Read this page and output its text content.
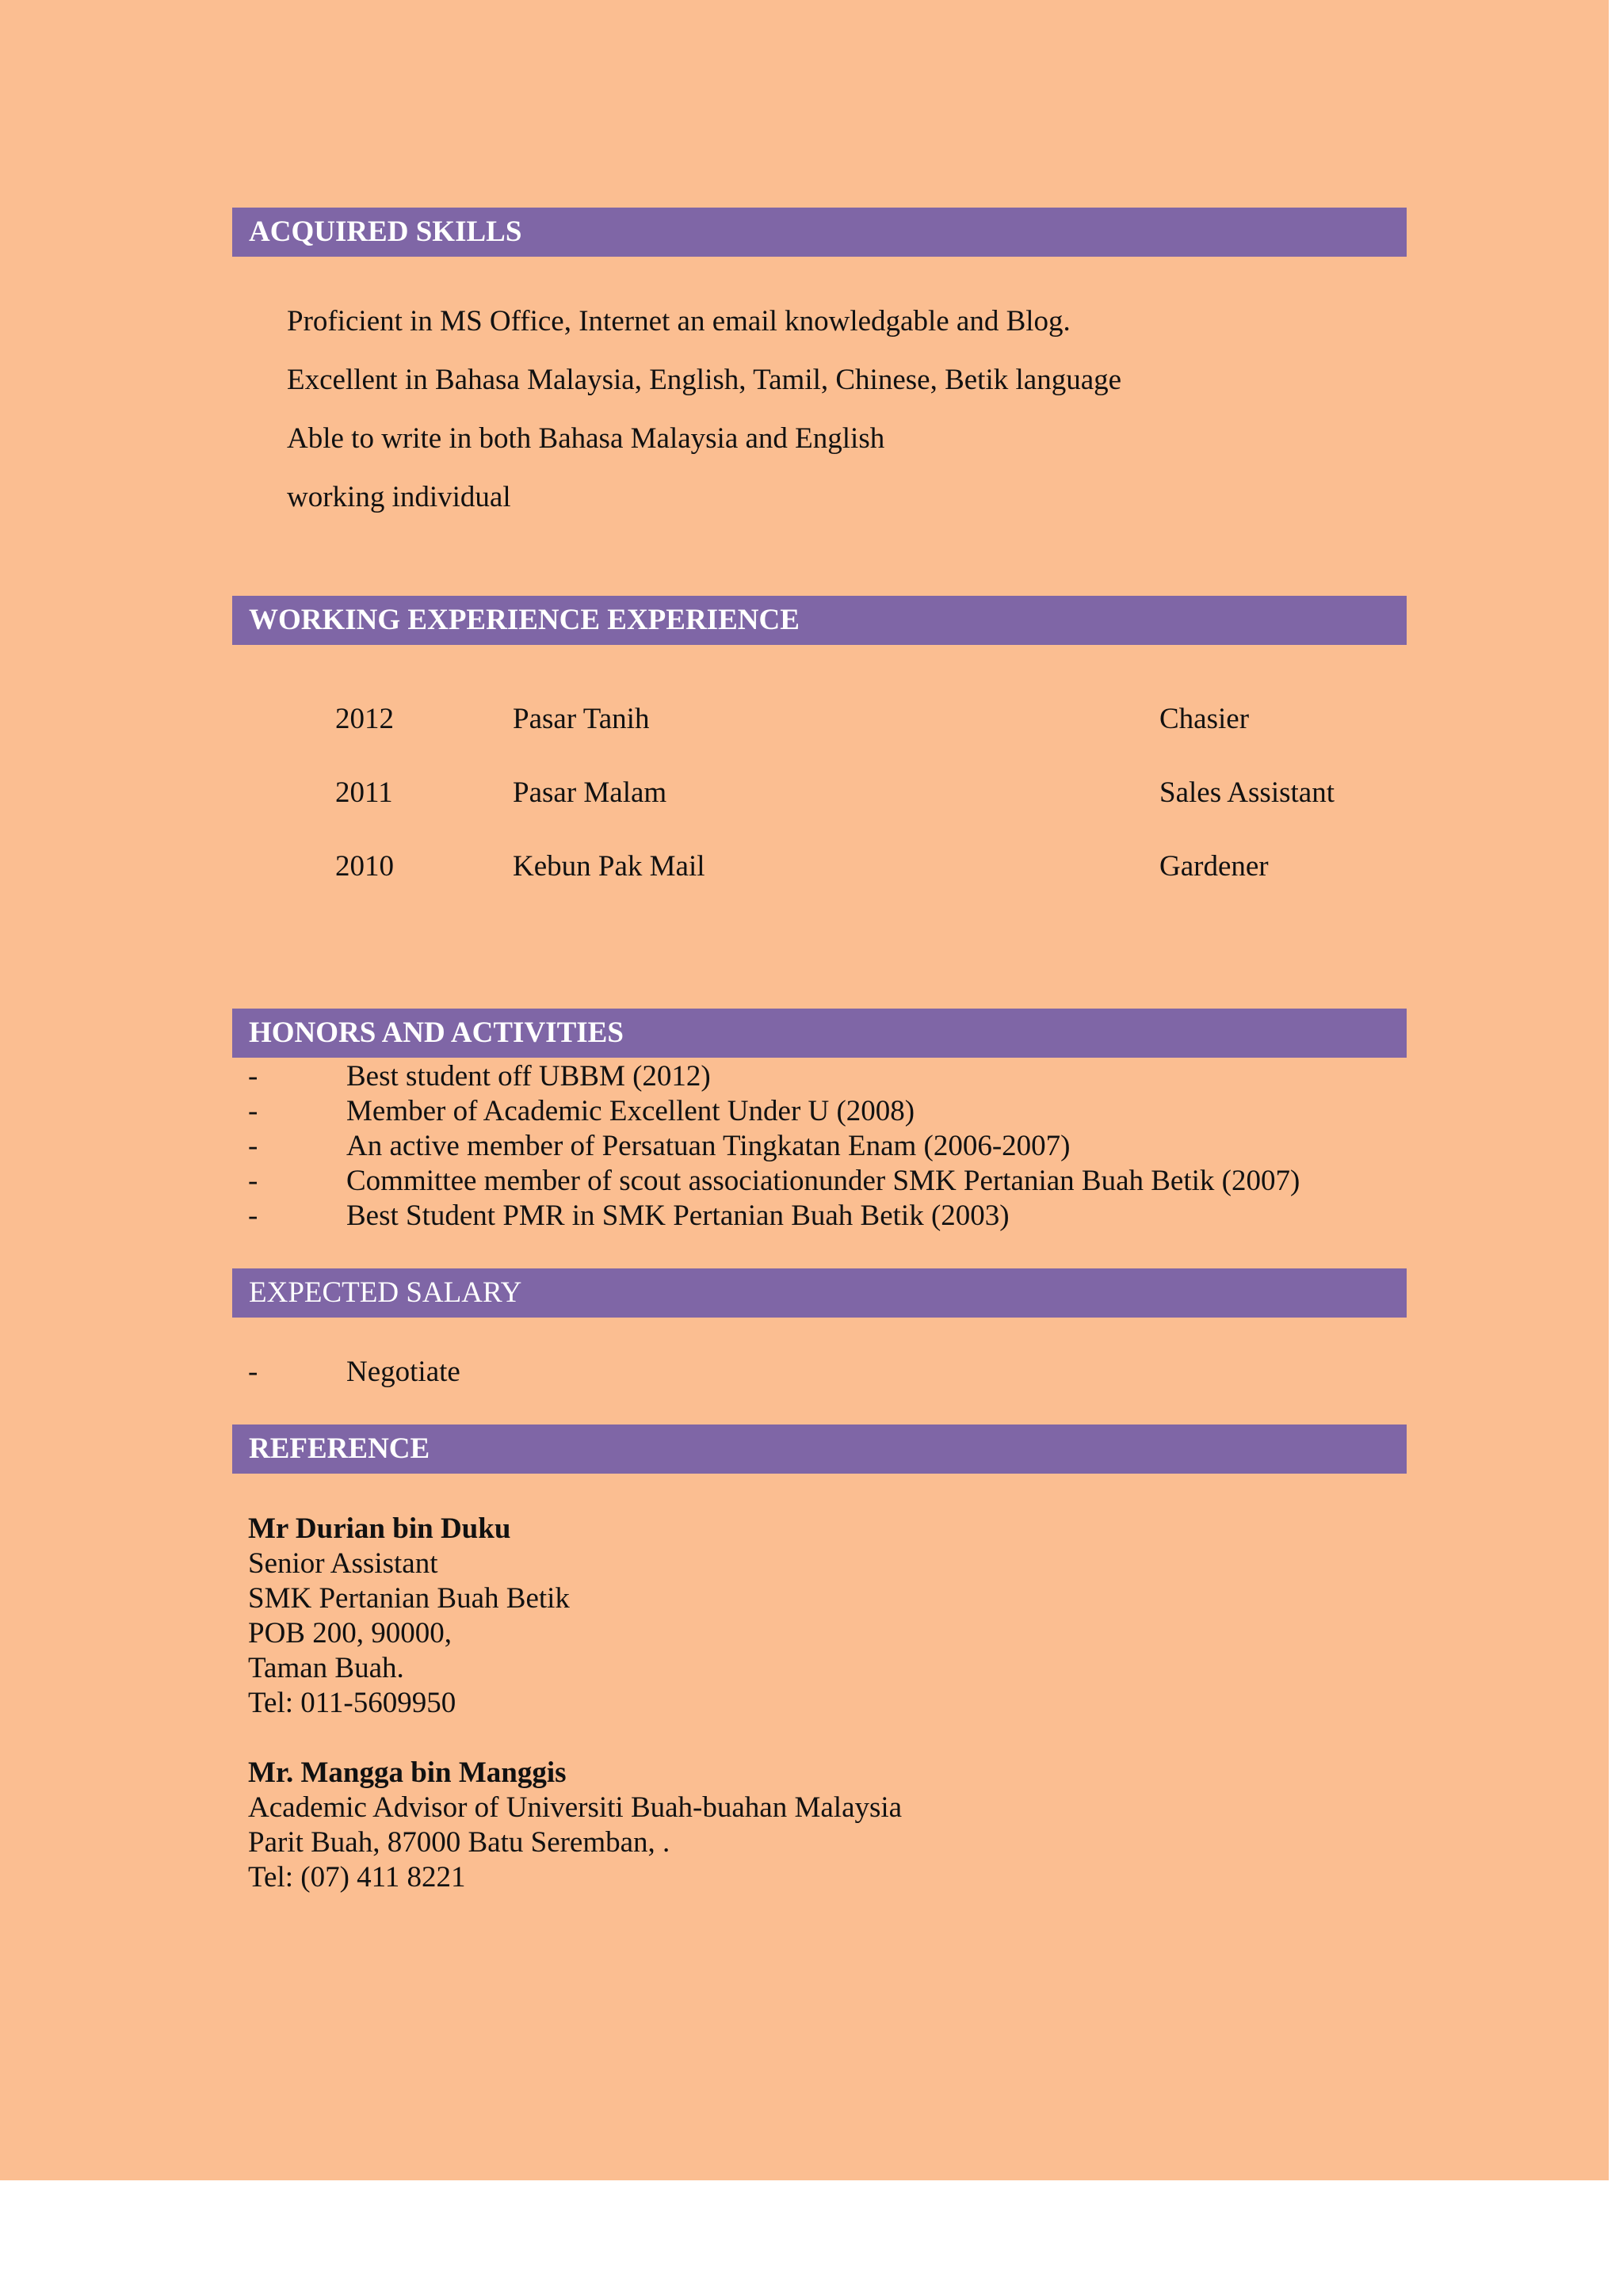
ACQUIRED SKILLS
Proficient in MS Office, Internet an email knowledgable and Blog.
Excellent in Bahasa Malaysia, English, Tamil, Chinese, Betik language
Able to write in both Bahasa Malaysia and English
working individual
WORKING EXPERIENCE EXPERIENCE
2012	Pasar Tanih	Chasier
2011	Pasar Malam	Sales Assistant
2010	Kebun Pak Mail	Gardener
HONORS AND ACTIVITIES
-	Best student off UBBM (2012)
-	Member of Academic Excellent Under U (2008)
-	An active member of Persatuan Tingkatan Enam (2006-2007)
-	Committee member of scout associationunder SMK Pertanian Buah Betik (2007)
-	Best Student PMR in SMK Pertanian Buah Betik (2003)
EXPECTED SALARY
-	Negotiate
REFERENCE
Mr Durian bin Duku
Senior Assistant
SMK Pertanian Buah Betik
POB 200, 90000,
Taman Buah.
Tel: 011-5609950
Mr. Mangga bin Manggis
Academic Advisor of Universiti Buah-buahan Malaysia
Parit Buah, 87000 Batu Seremban, .
Tel: (07) 411 8221
